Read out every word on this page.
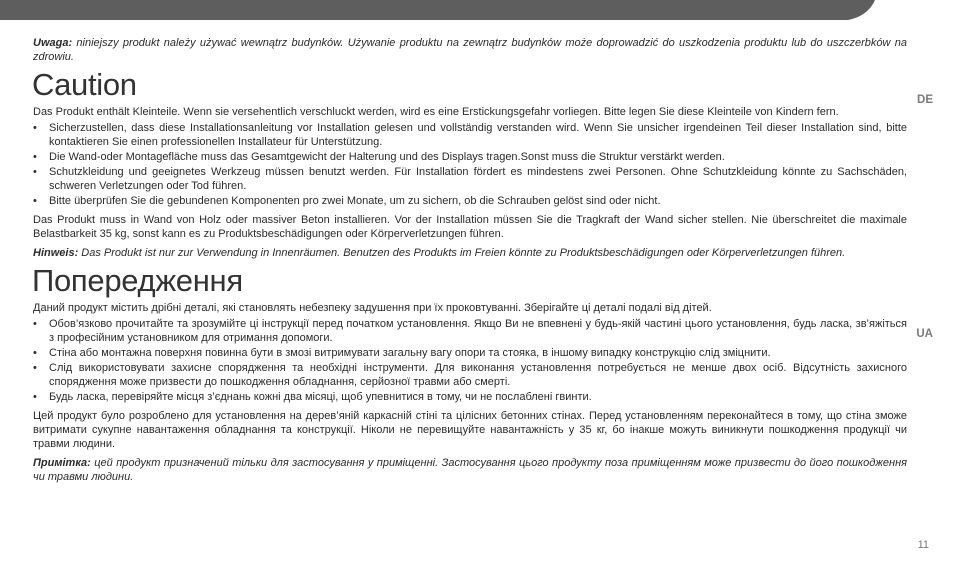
DE
UA

Uwaga: niniejszy produkt należy używać wewnątrz budynków. Używanie produktu na zewnątrz budynków może doprowadzić do uszkodzenia produktu lub do uszczerbków na zdrowiu.

Caution

Das Produkt enthält Kleinteile. Wenn sie versehentlich verschluckt werden, wird es eine Erstickungsgefahr vorliegen. Bitte legen Sie diese Kleinteile von Kindern fern.

• Sicherzustellen, dass diese Installationsanleitung vor Installation gelesen und vollständig verstanden wird. Wenn Sie unsicher irgendeinen Teil dieser Installation sind, bitte kontaktieren Sie einen professionellen Installateur für Unterstützung.
• Die Wand-oder Montagefläche muss das Gesamtgewicht der Halterung und des Displays tragen.Sonst muss die Struktur verstärkt werden.
• Schutzkleidung und geeignetes Werkzeug müssen benutzt werden. Für Installation fördert es mindestens zwei Personen. Ohne Schutzkleidung könnte zu Sachschäden, schweren Verletzungen oder Tod führen.
• Bitte überprüfen Sie die gebundenen Komponenten pro zwei Monate, um zu sichern, ob die Schrauben gelöst sind oder nicht.

Das Produkt muss in Wand von Holz oder massiver Beton installieren. Vor der Installation müssen Sie die Tragkraft der Wand sicher stellen. Nie überschreitet die maximale Belastbarkeit 35 kg, sonst kann es zu Produktsbeschädigungen oder Körperverletzungen führen.

Hinweis: Das Produkt ist nur zur Verwendung in Innenräumen. Benutzen des Produkts im Freien könnte zu Produktsbeschädigungen oder Körperverletzungen führen.

Попередження

Даний продукт містить дрібні деталі, які становлять небезпеку задушення при їх проковтуванні. Зберігайте ці деталі подалі від дітей.

• Обов’язково прочитайте та зрозумійте ці інструкції перед початком установлення. Якщо Ви не впевнені у будь-якій частині цього установлення, будь ласка, зв’яжіться з професійним установником для отримання допомоги.
• Стіна або монтажна поверхня повинна бути в змозі витримувати загальну вагу опори та стояка, в іншому випадку конструкцію слід зміцнити.
• Слід використовувати захисне спорядження та необхідні інструменти. Для виконання установлення потребується не менше двох осіб. Відсутність захисного спорядження може призвести до пошкодження обладнання, серйозної травми або смерті.
• Будь ласка, перевіряйте місця з’єднань кожні два місяці, щоб упевнитися в тому, чи не послаблені гвинти.

Цей продукт було розроблено для установлення на дерев’яній каркасній стіні та цілісних бетонних стінах. Перед установленням переконайтеся в тому, що стіна зможе витримати сукупне навантаження обладнання та конструкції. Ніколи не перевищуйте навантажність у 35 кг, бо інакше можуть виникнути пошкодження продукції чи травми людини.

Примітка: цей продукт призначений тільки для застосування у приміщенні. Застосування цього продукту поза приміщенням може призвести до його пошкодження чи травми людини.

11
